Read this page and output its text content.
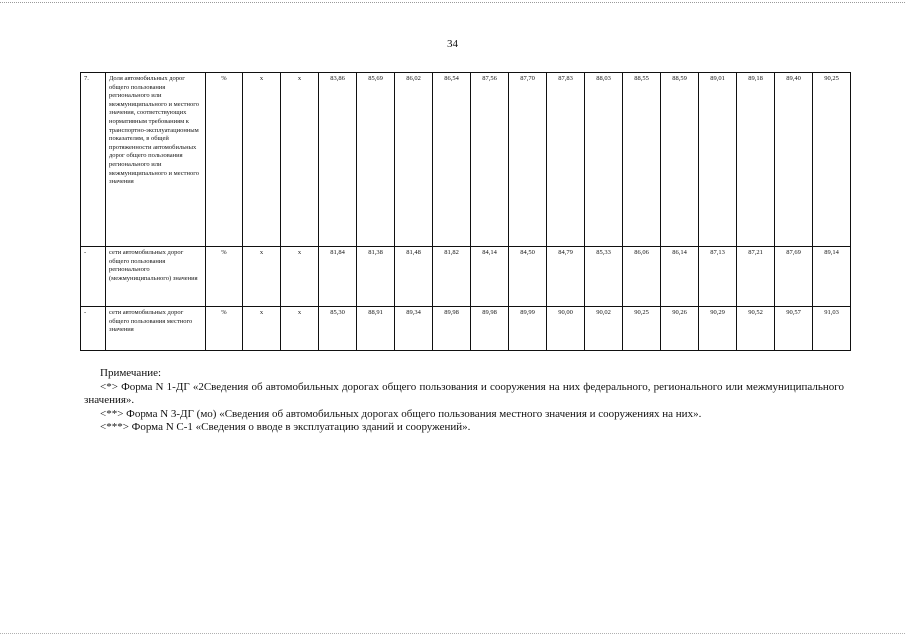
34
7.	Доля автомобильных дорог общего пользования регионального или межмуниципального и местного значения, соответствующих нормативным требованиям к транспортно-эксплуатационным показателям, в общей протяженности автомобильных дорог общего пользования регионального или межмуниципального и местного значения	%	х	х	83,86	85,69	86,02	86,54	87,56	87,70	87,83	88,03	88,55	88,59	89,01	89,18	89,40	90,25
-	сети автомобильных дорог общего пользования регионального (межмуниципального) значения	%	х	х	81,84	81,38	81,48	81,82	84,14	84,50	84,79	85,33	86,06	86,14	87,13	87,21	87,69	89,14
-	сети автомобильных дорог общего пользования местного значения	%	х	х	85,30	88,91	89,34	89,98	89,98	89,99	90,00	90,02	90,25	90,26	90,29	90,52	90,57	91,03
Примечание:
<*> Форма N 1-ДГ «2Сведения об автомобильных дорогах общего пользования и сооружения на них федерального, регионального или межмуниципального значения».
<**> Форма N 3-ДГ (мо) «Сведения об автомобильных дорогах общего пользования местного значения и сооружениях на них».
<***> Форма N С-1 «Сведения о вводе в эксплуатацию зданий и сооружений».
